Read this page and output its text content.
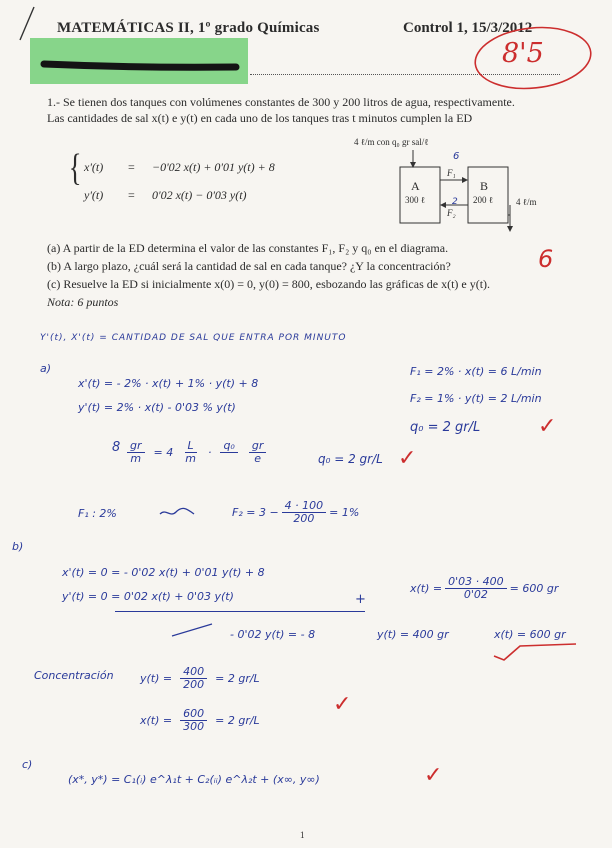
MATEMÁTICAS II, 1º grado Químicas	Control 1, 15/3/2012
8'5
1.- Se tienen dos tanques con volúmenes constantes de 300 y 200 litros de agua, respectivamente.
Las cantidades de sal x(t) e y(t) en cada uno de los tanques tras t minutos cumplen la ED
{ x'(t) = −0'02 x(t) + 0'01 y(t) + 8
y'(t) = 0'02 x(t) − 0'03 y(t)
4 ℓ/m con q₀ gr sal/ℓ
6
A
300 ℓ
B
200 ℓ
F₁
2
F₂
4 ℓ/m
(a) A partir de la ED determina el valor de las constantes F₁, F₂ y q₀ en el diagrama.
(b) A largo plazo, ¿cuál será la cantidad de sal en cada tanque? ¿Y la concentración?
(c) Resuelve la ED si inicialmente x(0) = 0, y(0) = 800, esbozando las gráficas de x(t) e y(t).
Nota: 6 puntos
6
Y'(t), X'(t) = CANTIDAD DE SAL QUE ENTRA POR MINUTO
a)
x'(t) = - 2% · x(t) + 1% · y(t) + 8
y'(t) = 2% · x(t) - 0'03 % y(t)
F₁ = 2% · x(t) = 6 L/min
F₂ = 1% · y(t) = 2 L/min
q₀ = 2 gr/L	✓
$8 \frac{gr}{m} = 4 \frac{L}{m}$ ·
$q_0 \frac{gr}{e}$	q₀ = 2 gr/L ✓
F₁ : 2%	$F_2 = 3 - \frac{4 \cdot 100}{200} = 1\%$
b)
x'(t) = 0 = - 0'02 x(t) + 0'01 y(t) + 8
y'(t) = 0 = 0'02 x(t) + 0'03 y(t)	+
- 0'02 y(t) = - 8	y(t) = 400 gr
$x(t) = \frac{0'03 \cdot 400}{0'02} = 600$ gr
x(t) = 600 gr
Concentración $y(t) = \frac{400}{200} = 2$ gr/L
$x(t) = \frac{600}{300} = 2$ gr/L
✓
c)
(x*, y*) = C₁(ᵢ) e^λ₁t + C₂(ᵢᵢ) e^λ₂t + (x∞, y∞)	✓
1
